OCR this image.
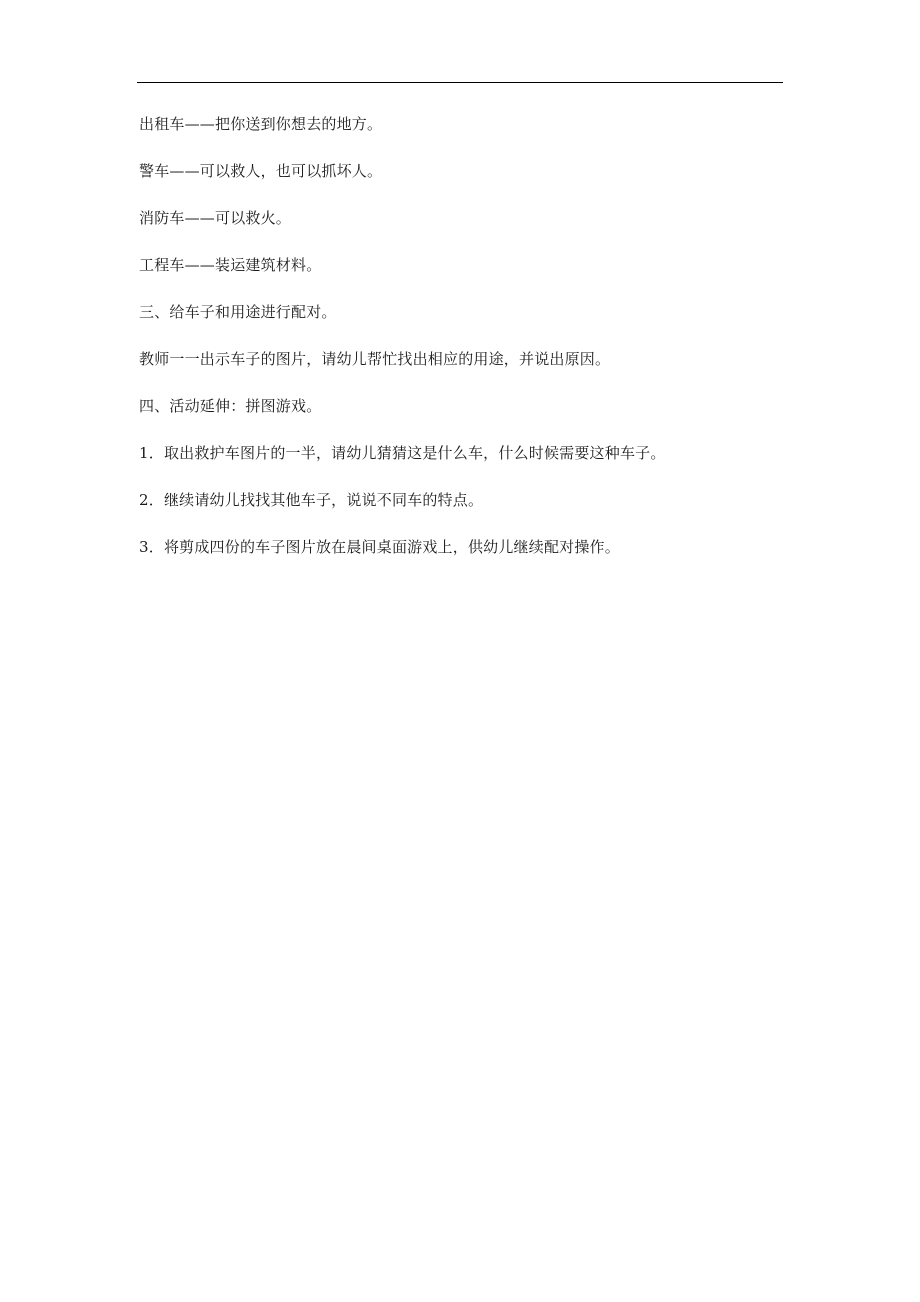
出租车——把你送到你想去的地方。

警车——可以救人，也可以抓坏人。

消防车——可以救火。

工程车——装运建筑材料。

三、给车子和用途进行配对。

教师一一出示车子的图片，请幼儿帮忙找出相应的用途，并说出原因。

四、活动延伸：拼图游戏。

1．取出救护车图片的一半，请幼儿猜猜这是什么车，什么时候需要这种车子。

2．继续请幼儿找找其他车子，说说不同车的特点。

3．将剪成四份的车子图片放在晨间桌面游戏上，供幼儿继续配对操作。
